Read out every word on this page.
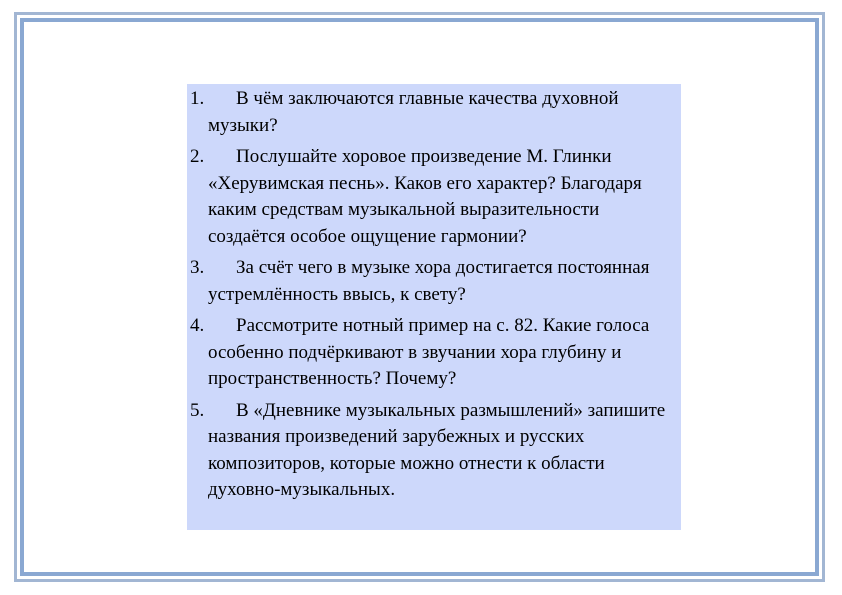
1.	В чём заключаются главные качества духовной музыки?
2.	Послушайте хоровое произведение М. Глинки «Херувимская песнь». Каков его характер? Благодаря каким средствам музыкальной выразительности создаётся особое ощущение гармонии?
3.	За счёт чего в музыке хора достигается постоянная устремлённость ввысь, к свету?
4.	Рассмотрите нотный пример на с. 82. Какие голоса особенно подчёркивают в звучании хора глубину и пространственность? Почему?
5.	В «Дневнике музыкальных размышлений» запишите названия произведений зарубежных и русских композиторов, которые можно отнести к области духовно-музыкальных.
